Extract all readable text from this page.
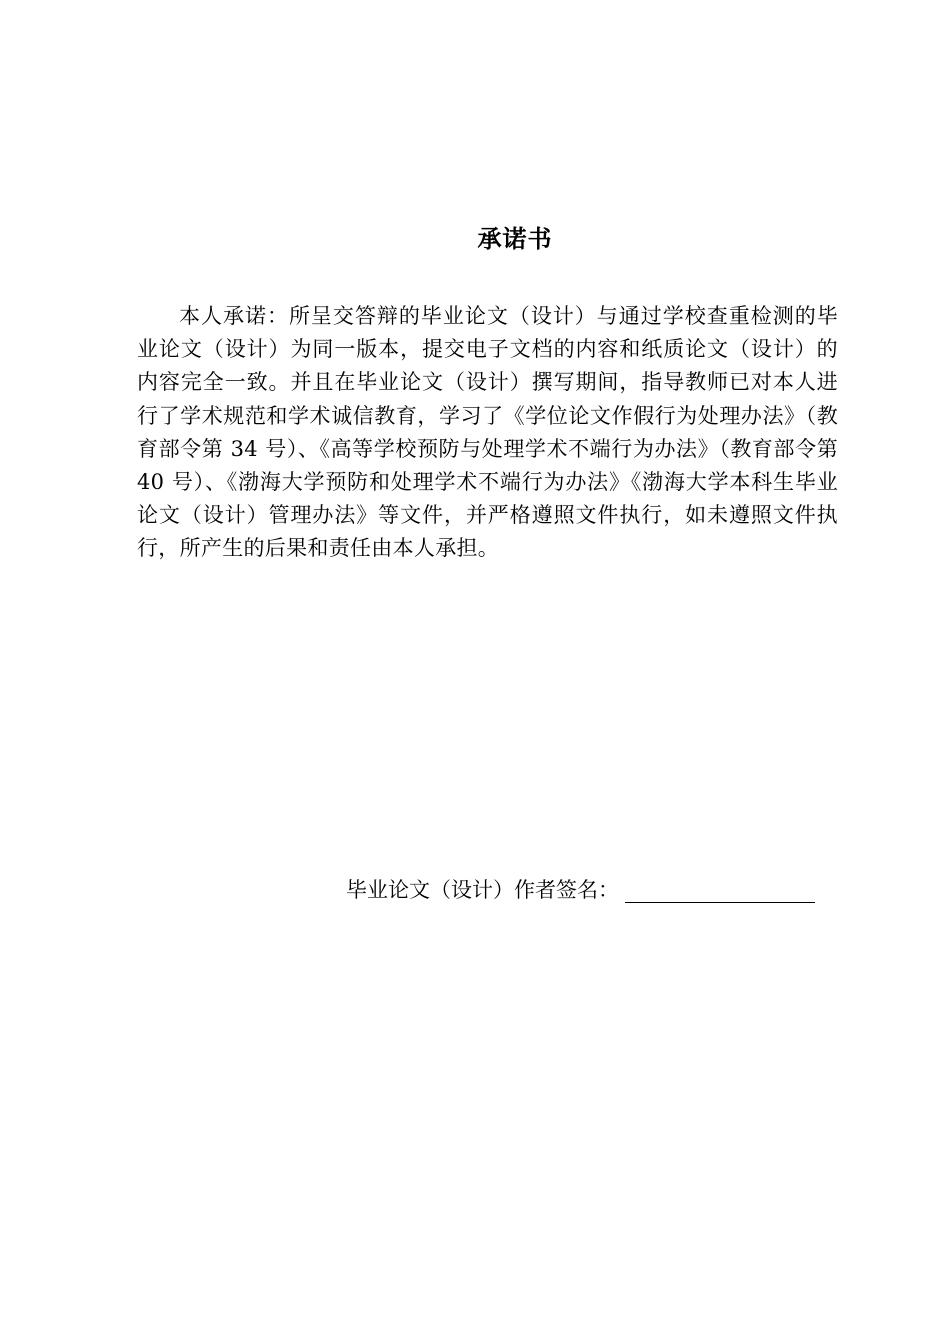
承诺书

本人承诺：所呈交答辩的毕业论文（设计）与通过学校查重检测的毕业论文（设计）为同一版本，提交电子文档的内容和纸质论文（设计）的内容完全一致。并且在毕业论文（设计）撰写期间，指导教师已对本人进行了学术规范和学术诚信教育，学习了《学位论文作假行为处理办法》（教育部令第 34 号）、《高等学校预防与处理学术不端行为办法》（教育部令第 40 号）、《渤海大学预防和处理学术不端行为办法》《渤海大学本科生毕业论文（设计）管理办法》等文件，并严格遵照文件执行，如未遵照文件执行，所产生的后果和责任由本人承担。

毕业论文（设计）作者签名：
